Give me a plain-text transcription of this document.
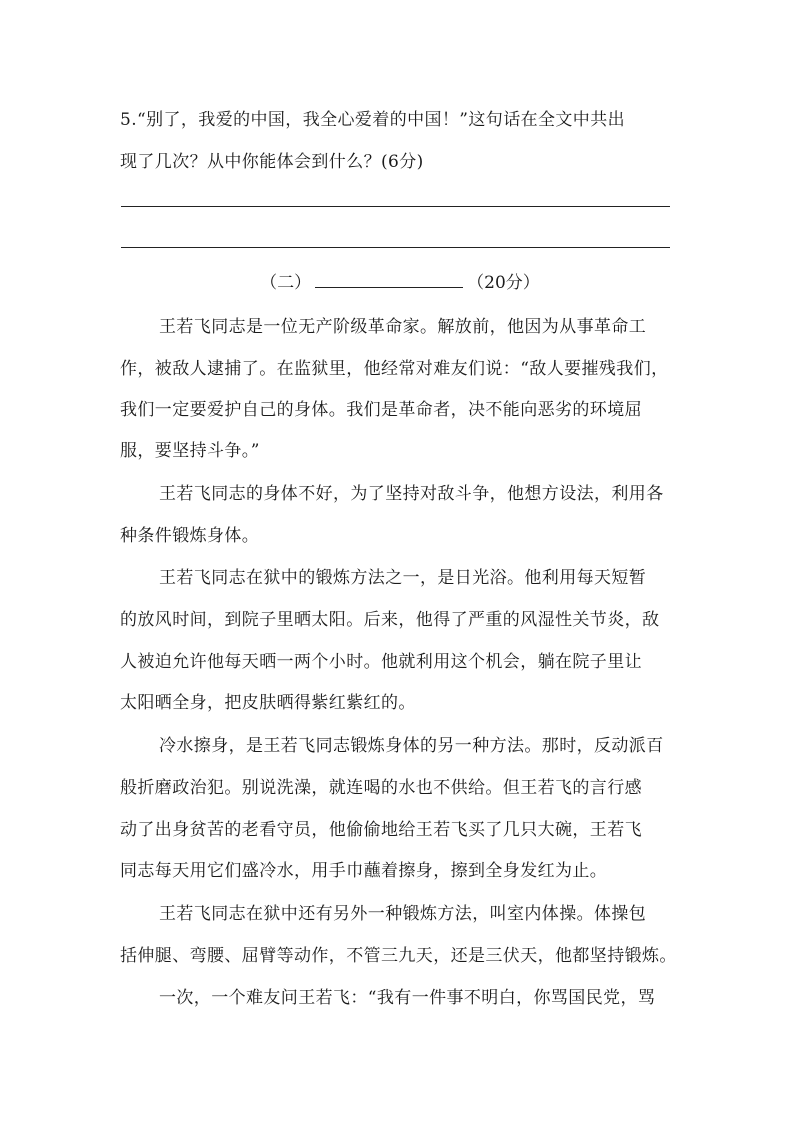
5.“别了，我爱的中国，我全心爱着的中国！”这句话在全文中共出
现了几次？从中你能体会到什么？(6分)
（二）	（20分）
王若飞同志是一位无产阶级革命家。解放前，他因为从事革命工
作，被敌人逮捕了。在监狱里，他经常对难友们说：“敌人要摧残我们，
我们一定要爱护自己的身体。我们是革命者，决不能向恶劣的环境屈
服，要坚持斗争。”
王若飞同志的身体不好，为了坚持对敌斗争，他想方设法，利用各
种条件锻炼身体。
王若飞同志在狱中的锻炼方法之一，是日光浴。他利用每天短暂
的放风时间，到院子里晒太阳。后来，他得了严重的风湿性关节炎，敌
人被迫允许他每天晒一两个小时。他就利用这个机会，躺在院子里让
太阳晒全身，把皮肤晒得紫红紫红的。
冷水擦身，是王若飞同志锻炼身体的另一种方法。那时，反动派百
般折磨政治犯。别说洗澡，就连喝的水也不供给。但王若飞的言行感
动了出身贫苦的老看守员，他偷偷地给王若飞买了几只大碗，王若飞
同志每天用它们盛冷水，用手巾蘸着擦身，擦到全身发红为止。
王若飞同志在狱中还有另外一种锻炼方法，叫室内体操。体操包
括伸腿、弯腰、屈臂等动作，不管三九天，还是三伏天，他都坚持锻炼。
一次，一个难友问王若飞：“我有一件事不明白，你骂国民党，骂
